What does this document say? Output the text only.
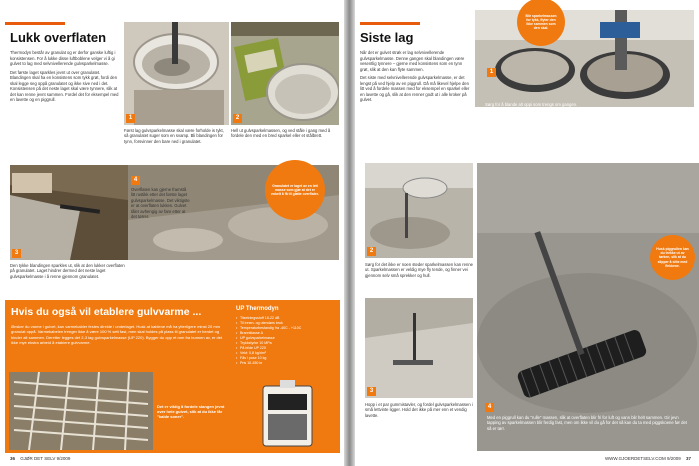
Lukk overflaten

Thermodyn består av granulat og er derfor ganske luftig i konsistensen. For å lukke disse luftboblene velger vi å gi gulvet to lag med selvnivellerende gulvsparkelmasse.

Det første laget sparkles jevnt ut over granulatet. Blandingen skal ha en konsistens som tykk grøt, fordi den skal legge seg oppå granulatet og ikke sive ned i det. Konsistensen på det neste laget skal være tynnere, slik at det kan renne jevnt sammen. Fordel det for eksempel med en lavette og en piggrull.

1	2
Først lag gulvsparkelmasse skal være forholde is tykt, så granulatet suger som en svamp. Bli blandingen for tynn, forsvinner den bare ned i granulatet.
Hell ut gulvsparkelmassen, og ved ståle i gang med å fordele den med en bred sparkel eller et stålbrett.
3
4
Overflaten kan gjerne framstå litt rustikk etter det første laget gulvsparkelmasse. Det viktigste er at overflaten lukkes. Gulvet tåler avhengig av fare etter at det tørrer.
Granulatet er laget av en lett masse som gjør at det er enkelt å få til glatte overflater.
Den tykke blandingen sparkles ut, slik at den lukker overflaten på granulatet. Laget hindrer dermed det neste laget gulvsparkelmasse i å renne gjennom granulatet.
Hvis du også vil etablere gulvvarme ...
Ønsker du varme i gulvet, kan varmekabler festes direkte i underlaget. Husk at kablene må ha ytterligere minst 20 mm granulat oppå. Varmekabelen trenger ikke å være 100 % sett fast, men skal holdes på plass til granulatet er herdet og binder alt sammen. Deretter legges det 2-3 lag gulvsparkelmasse (UP 220). Bygger du opp et rom fra bunnen av, er det ikke mye ekstra arbeid å etablere gulvvarme.
Det er viktig å fordele slangen jevnt over hele gulvet, slik at du ikke får "kalde soner".
UP Thermodyn
• Tilsetningsstoff 18-22 dB
• Til innen- og utendørs bruk
• Temperaturbestandig fra -40C - +110C
• Brannklasse A
• UP gulvsparkelmasse
• Trykkstyrke 10 MPa
• På bilde UP 220
• Vekt: 0,8 kg/dm³
• Fås i pose 10 kg
• Pris 10-450 kr
36 GJØR DET SELV 9/2009
Siste lag

Når det er gulvet strøk er lag selvnivellerende gulvsparkelmasse. Denne gangen skal blandingen være vesentlig tynnere – gjerne med konsistens som en tynn grøt, slik at den kan flyte sammen.

Det siste med selvnivellerende gulvsparkelmasse, er det lengst på ved hjelp av en piggrull. Då må likevel hjelpe den litt ved å fordele massen med for eksempel en sparkel eller en lavette og gå, slik at den renner godt ut i alle kroker på gulvet.

1
Blir sparkelmassen for tykk, flyter den ikke sammen som den skal.
Sørg for å blande alt oppi som trengs om gangen. Sparkelmassen begynner å tørke etter cirka 20 minutter, så det er viktig å få lagt ut all sammen mens det er helt flytende.
2
Sørg for det ikke er noen steder sparkelmassen kan renne ut. Sparkelmassen er veldig mye fly tende, og finner vei gjennom selv små sprekker og hull.
3
Hopp i et par gummistøvler, og fordel gulvsparkelmassen i små lettvinte ligger. Hold det ikke på mer enn et vendig lavette.
4
Husk piggrullen kan du trekke ut av tørken, slik at du slipper å sitte med flekkene.
Med en piggrull kan du "rulle" massen, slik at overflaten blir fri for luft og vann blir helt sammen. Gir jevn tapping av sparkelmassen blir ferdig fast, men om ikke vil du gå for det så kan du ta med piggskoene før det så er tørr.
WWW.GJOERDETSELV.COM 9/2009 37
